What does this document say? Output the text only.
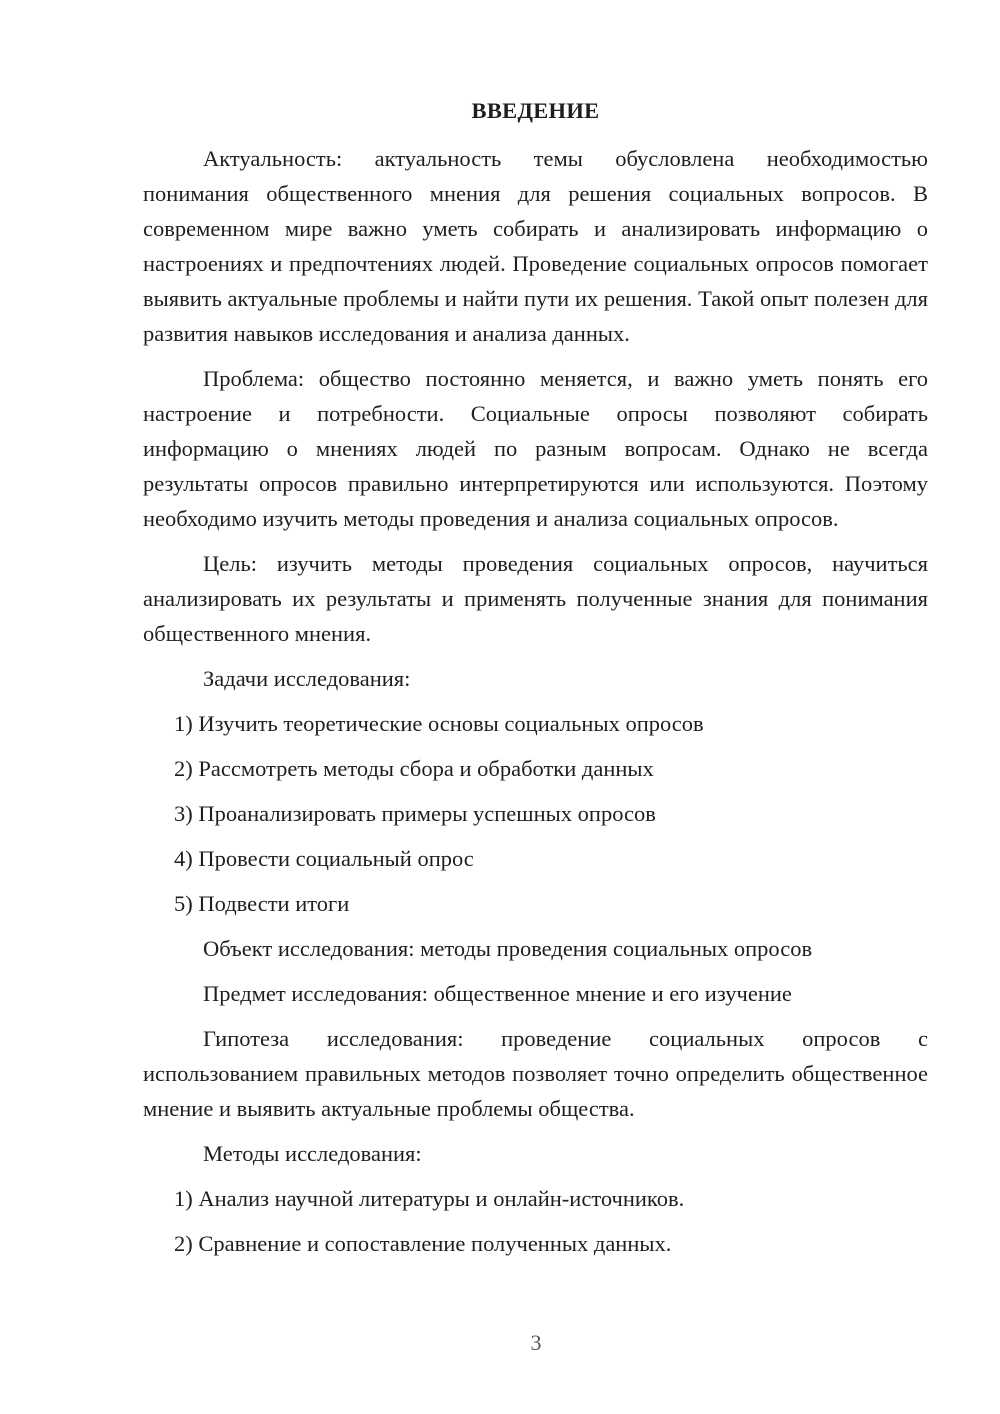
ВВЕДЕНИЕ

Актуальность: актуальность темы обусловлена необходимостью понимания общественного мнения для решения социальных вопросов. В современном мире важно уметь собирать и анализировать информацию о настроениях и предпочтениях людей. Проведение социальных опросов помогает выявить актуальные проблемы и найти пути их решения. Такой опыт полезен для развития навыков исследования и анализа данных.

Проблема: общество постоянно меняется, и важно уметь понять его настроение и потребности. Социальные опросы позволяют собирать информацию о мнениях людей по разным вопросам. Однако не всегда результаты опросов правильно интерпретируются или используются. Поэтому необходимо изучить методы проведения и анализа социальных опросов.

Цель: изучить методы проведения социальных опросов, научиться анализировать их результаты и применять полученные знания для понимания общественного мнения.

Задачи исследования:
1) Изучить теоретические основы социальных опросов
2) Рассмотреть методы сбора и обработки данных
3) Проанализировать примеры успешных опросов
4) Провести социальный опрос
5) Подвести итоги
Объект исследования: методы проведения социальных опросов
Предмет исследования: общественное мнение и его изучение

Гипотеза исследования: проведение социальных опросов с использованием правильных методов позволяет точно определить общественное мнение и выявить актуальные проблемы общества.

Методы исследования:
1) Анализ научной литературы и онлайн-источников.
2) Сравнение и сопоставление полученных данных.
3
